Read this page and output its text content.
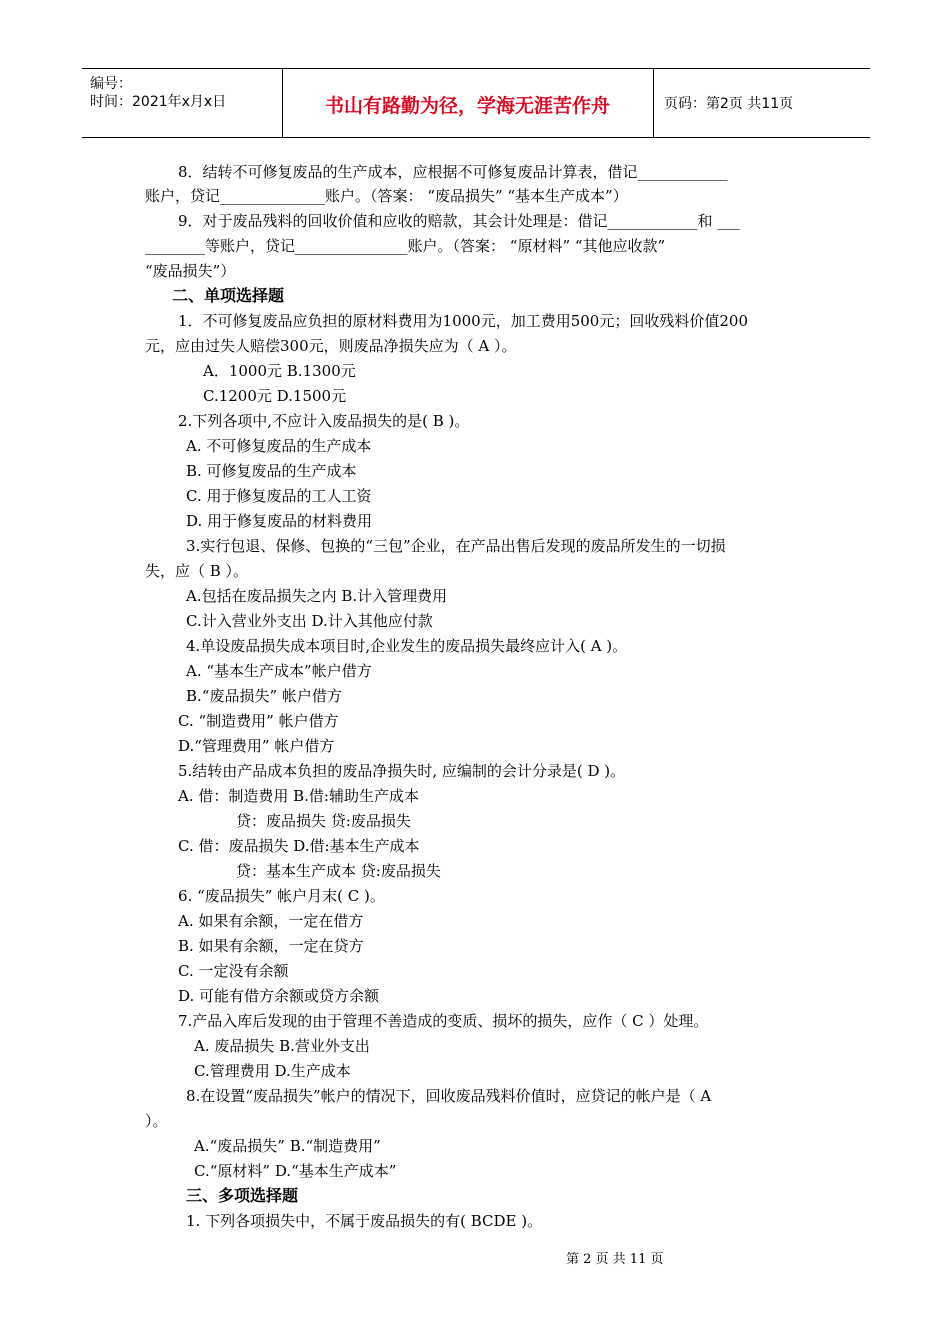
编号：
时间：2021年x月x日	书山有路勤为径，学海无涯苦作舟	页码：第2页 共11页
8．结转不可修复废品的生产成本，应根据不可修复废品计算表，借记____________
账户，贷记______________账户。（答案： “废品损失” “基本生产成本”）
9．对于废品残料的回收价值和应收的赔款，其会计处理是：借记____________和 ___
________等账户，贷记_______________账户。（答案： “原材料” “其他应收款”
“废品损失”）
二、单项选择题
1．不可修复废品应负担的原材料费用为1000元，加工费用500元；回收残料价值200
元，应由过失人赔偿300元，则废品净损失应为（ A ）。
A．1000元 B.1300元
C.1200元 D.1500元
2.下列各项中,不应计入废品损失的是( B )。
A. 不可修复废品的生产成本
B. 可修复废品的生产成本
C. 用于修复废品的工人工资
D. 用于修复废品的材料费用
3.实行包退、保修、包换的“三包”企业，在产品出售后发现的废品所发生的一切损
失，应（ B ）。
A.包括在废品损失之内 B.计入管理费用
C.计入营业外支出 D.计入其他应付款
4.单设废品损失成本项目时,企业发生的废品损失最终应计入( A )。
A. “基本生产成本”帐户借方
B.“废品损失” 帐户借方
C. “制造费用” 帐户借方
D.“管理费用” 帐户借方
5.结转由产品成本负担的废品净损失时, 应编制的会计分录是( D )。
A. 借：制造费用 B.借:辅助生产成本
贷：废品损失 贷:废品损失
C. 借：废品损失 D.借:基本生产成本
贷：基本生产成本 贷:废品损失
6. “废品损失” 帐户月末( C )。
A. 如果有余额，一定在借方
B. 如果有余额，一定在贷方
C. 一定没有余额
D. 可能有借方余额或贷方余额
7.产品入库后发现的由于管理不善造成的变质、损坏的损失，应作（ C ）处理。
A. 废品损失 B.营业外支出
C.管理费用 D.生产成本
8.在设置“废品损失”帐户的情况下，回收废品残料价值时，应贷记的帐户是（ A
）。
A.“废品损失” B.“制造费用”
C.“原材料” D.“基本生产成本”
三、多项选择题
1. 下列各项损失中，不属于废品损失的有( BCDE )。
第 2 页 共 11 页
